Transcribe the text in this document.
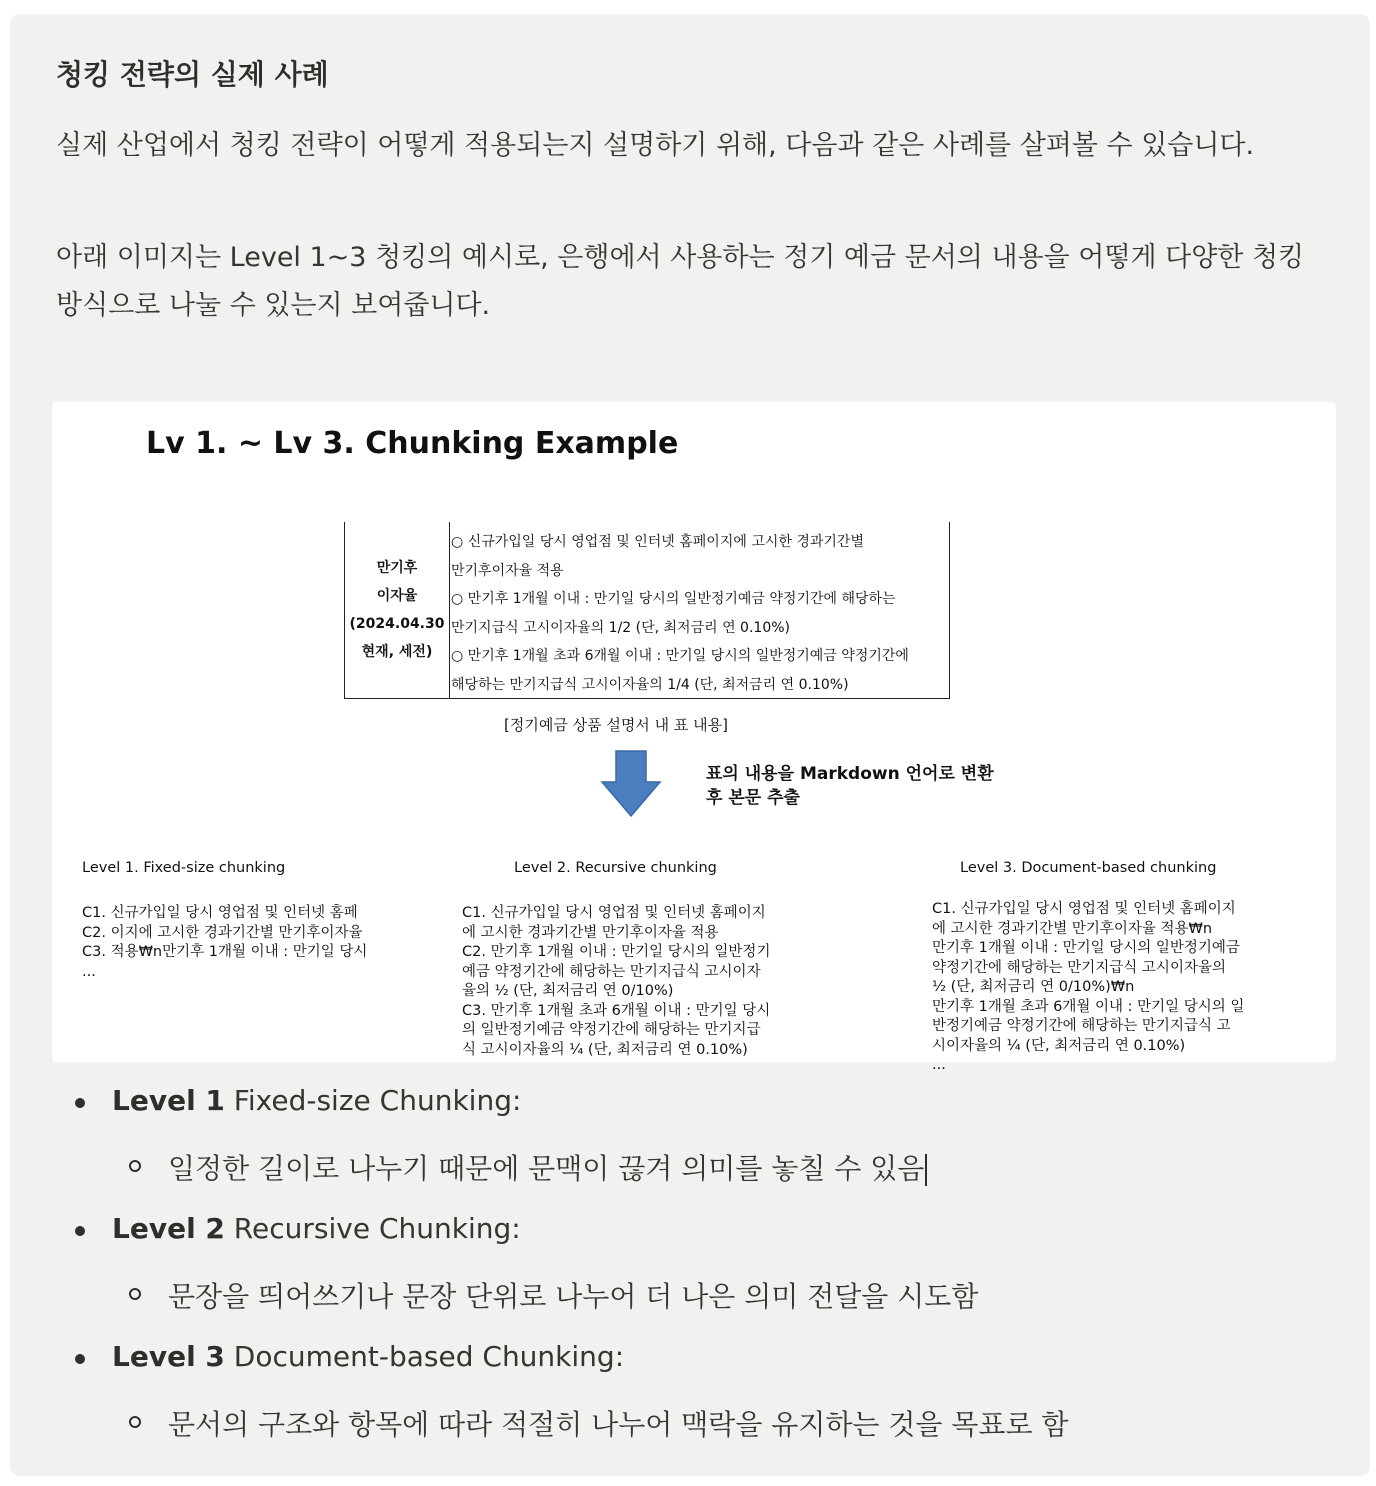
청킹 전략의 실제 사례

실제 산업에서 청킹 전략이 어떻게 적용되는지 설명하기 위해, 다음과 같은 사례를 살펴볼 수 있습니다.

아래 이미지는 Level 1~3 청킹의 예시로, 은행에서 사용하는 정기 예금 문서의 내용을 어떻게 다양한 청킹 방식으로 나눌 수 있는지 보여줍니다.

Lv 1. ~ Lv 3. Chunking Example
만기후
이자율
(2024.04.30
현재, 세전)
○ 신규가입일 당시 영업점 및 인터넷 홈페이지에 고시한 경과기간별
만기후이자율 적용
○ 만기후 1개월 이내 : 만기일 당시의 일반정기예금 약정기간에 해당하는
만기지급식 고시이자율의 1/2 (단, 최저금리 연 0.10%)
○ 만기후 1개월 초과 6개월 이내 : 만기일 당시의 일반정기예금 약정기간에
해당하는 만기지급식 고시이자율의 1/4 (단, 최저금리 연 0.10%)
[정기예금 상품 설명서 내 표 내용]
표의 내용을 Markdown 언어로 변환
후 본문 추출
Level 1. Fixed-size chunking

C1. 신규가입일 당시 영업점 및 인터넷 홈페
C2. 이지에 고시한 경과기간별 만기후이자율
C3. 적용₩n만기후 1개월 이내 : 만기일 당시
...

Level 2. Recursive chunking

C1. 신규가입일 당시 영업점 및 인터넷 홈페이지
에 고시한 경과기간별 만기후이자율 적용
C2. 만기후 1개월 이내 : 만기일 당시의 일반정기
예금 약정기간에 해당하는 만기지급식 고시이자
율의 ½ (단, 최저금리 연 0/10%)
C3. 만기후 1개월 초과 6개월 이내 : 만기일 당시
의 일반정기예금 약정기간에 해당하는 만기지급
식 고시이자율의 ¼ (단, 최저금리 연 0.10%)

Level 3. Document-based chunking

C1. 신규가입일 당시 영업점 및 인터넷 홈페이지
에 고시한 경과기간별 만기후이자율 적용₩n
만기후 1개월 이내 : 만기일 당시의 일반정기예금
약정기간에 해당하는 만기지급식 고시이자율의
½ (단, 최저금리 연 0/10%)₩n
만기후 1개월 초과 6개월 이내 : 만기일 당시의 일
반정기예금 약정기간에 해당하는 만기지급식 고
시이자율의 ¼ (단, 최저금리 연 0.10%)
...

Level 1 Fixed-size Chunking:
일정한 길이로 나누기 때문에 문맥이 끊겨 의미를 놓칠 수 있음
Level 2 Recursive Chunking:
문장을 띄어쓰기나 문장 단위로 나누어 더 나은 의미 전달을 시도함
Level 3 Document-based Chunking:
문서의 구조와 항목에 따라 적절히 나누어 맥락을 유지하는 것을 목표로 함
